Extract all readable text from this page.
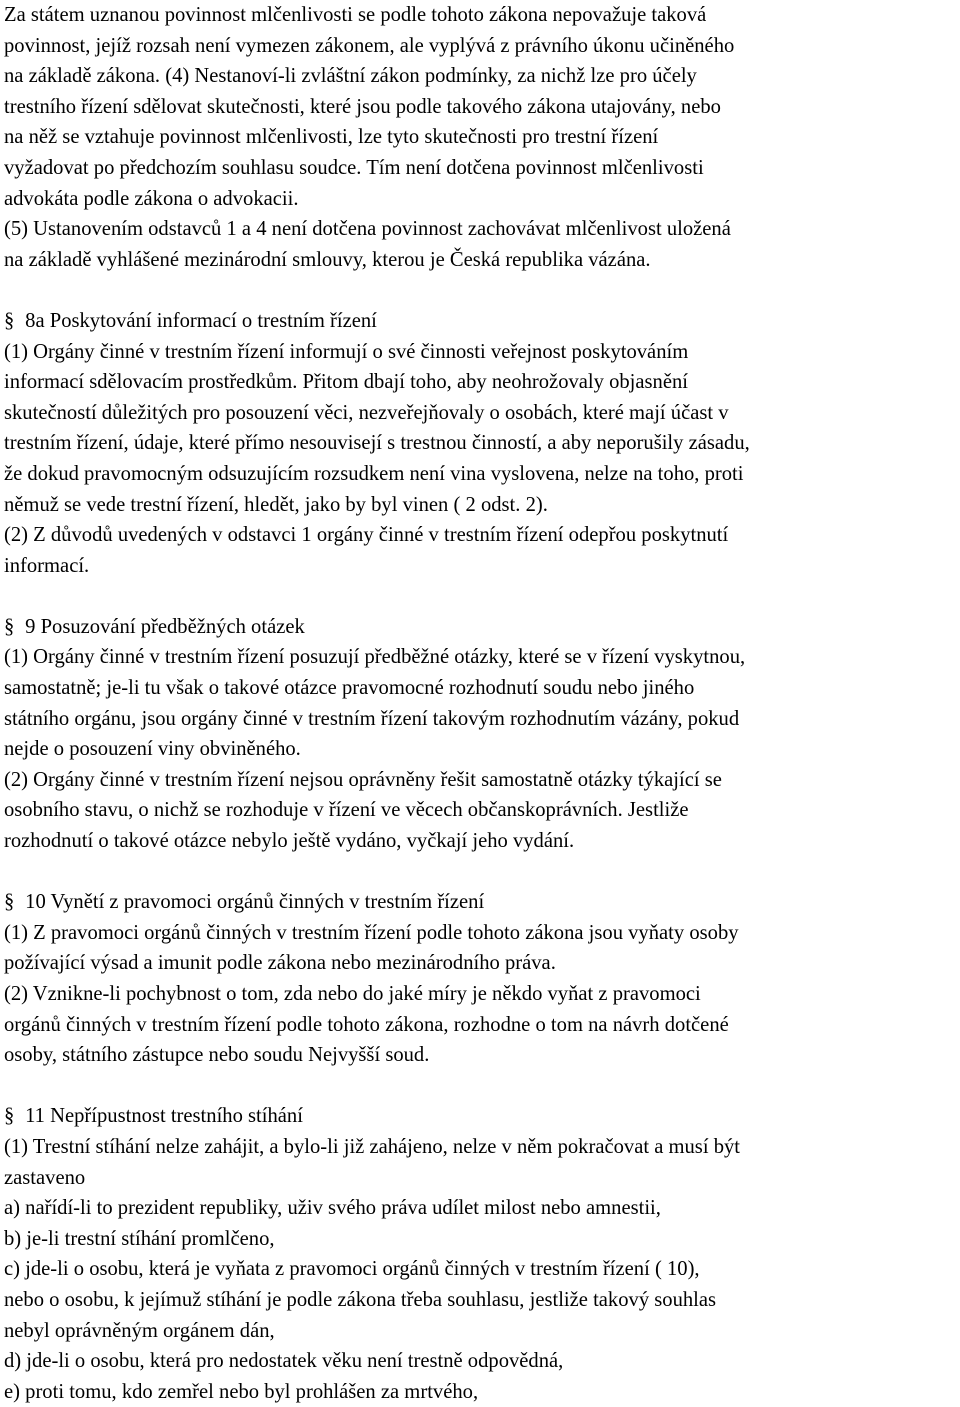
Za státem uznanou povinnost mlčenlivosti se podle tohoto zákona nepovažuje taková
povinnost, jejíž rozsah není vymezen zákonem, ale vyplývá z právního úkonu učiněného
na základě zákona. (4) Nestanoví-li zvláštní zákon podmínky, za nichž lze pro účely
trestního řízení sdělovat skutečnosti, které jsou podle takového zákona utajovány, nebo
na něž se vztahuje povinnost mlčenlivosti, lze tyto skutečnosti pro trestní řízení
vyžadovat po předchozím souhlasu soudce. Tím není dotčena povinnost mlčenlivosti
advokáta podle zákona o advokacii.
(5) Ustanovením odstavců 1 a 4 není dotčena povinnost zachovávat mlčenlivost uložená
na základě vyhlášené mezinárodní smlouvy, kterou je Česká republika vázána.
§ 8a Poskytování informací o trestním řízení
(1) Orgány činné v trestním řízení informují o své činnosti veřejnost poskytováním
informací sdělovacím prostředkům. Přitom dbají toho, aby neohrožovaly objasnění
skutečností důležitých pro posouzení věci, nezveřejňovaly o osobách, které mají účast v
trestním řízení, údaje, které přímo nesouvisejí s trestnou činností, a aby neporušily zásadu,
že dokud pravomocným odsuzujícím rozsudkem není vina vyslovena, nelze na toho, proti
němuž se vede trestní řízení, hledět, jako by byl vinen ( 2 odst. 2).
(2) Z důvodů uvedených v odstavci 1 orgány činné v trestním řízení odepřou poskytnutí
informací.
§ 9 Posuzování předběžných otázek
(1) Orgány činné v trestním řízení posuzují předběžné otázky, které se v řízení vyskytnou,
samostatně; je-li tu však o takové otázce pravomocné rozhodnutí soudu nebo jiného
státního orgánu, jsou orgány činné v trestním řízení takovým rozhodnutím vázány, pokud
nejde o posouzení viny obviněného.
(2) Orgány činné v trestním řízení nejsou oprávněny řešit samostatně otázky týkající se
osobního stavu, o nichž se rozhoduje v řízení ve věcech občanskoprávních. Jestliže
rozhodnutí o takové otázce nebylo ještě vydáno, vyčkají jeho vydání.
§ 10 Vynětí z pravomoci orgánů činných v trestním řízení
(1) Z pravomoci orgánů činných v trestním řízení podle tohoto zákona jsou vyňaty osoby
požívající výsad a imunit podle zákona nebo mezinárodního práva.
(2) Vznikne-li pochybnost o tom, zda nebo do jaké míry je někdo vyňat z pravomoci
orgánů činných v trestním řízení podle tohoto zákona, rozhodne o tom na návrh dotčené
osoby, státního zástupce nebo soudu Nejvyšší soud.
§ 11 Nepřípustnost trestního stíhání
(1) Trestní stíhání nelze zahájit, a bylo-li již zahájeno, nelze v něm pokračovat a musí být
zastaveno
a) nařídí-li to prezident republiky, uživ svého práva udílet milost nebo amnestii,
b) je-li trestní stíhání promlčeno,
c) jde-li o osobu, která je vyňata z pravomoci orgánů činných v trestním řízení ( 10),
nebo o osobu, k jejímuž stíhání je podle zákona třeba souhlasu, jestliže takový souhlas
nebyl oprávněným orgánem dán,
d) jde-li o osobu, která pro nedostatek věku není trestně odpovědná,
e) proti tomu, kdo zemřel nebo byl prohlášen za mrtvého,
